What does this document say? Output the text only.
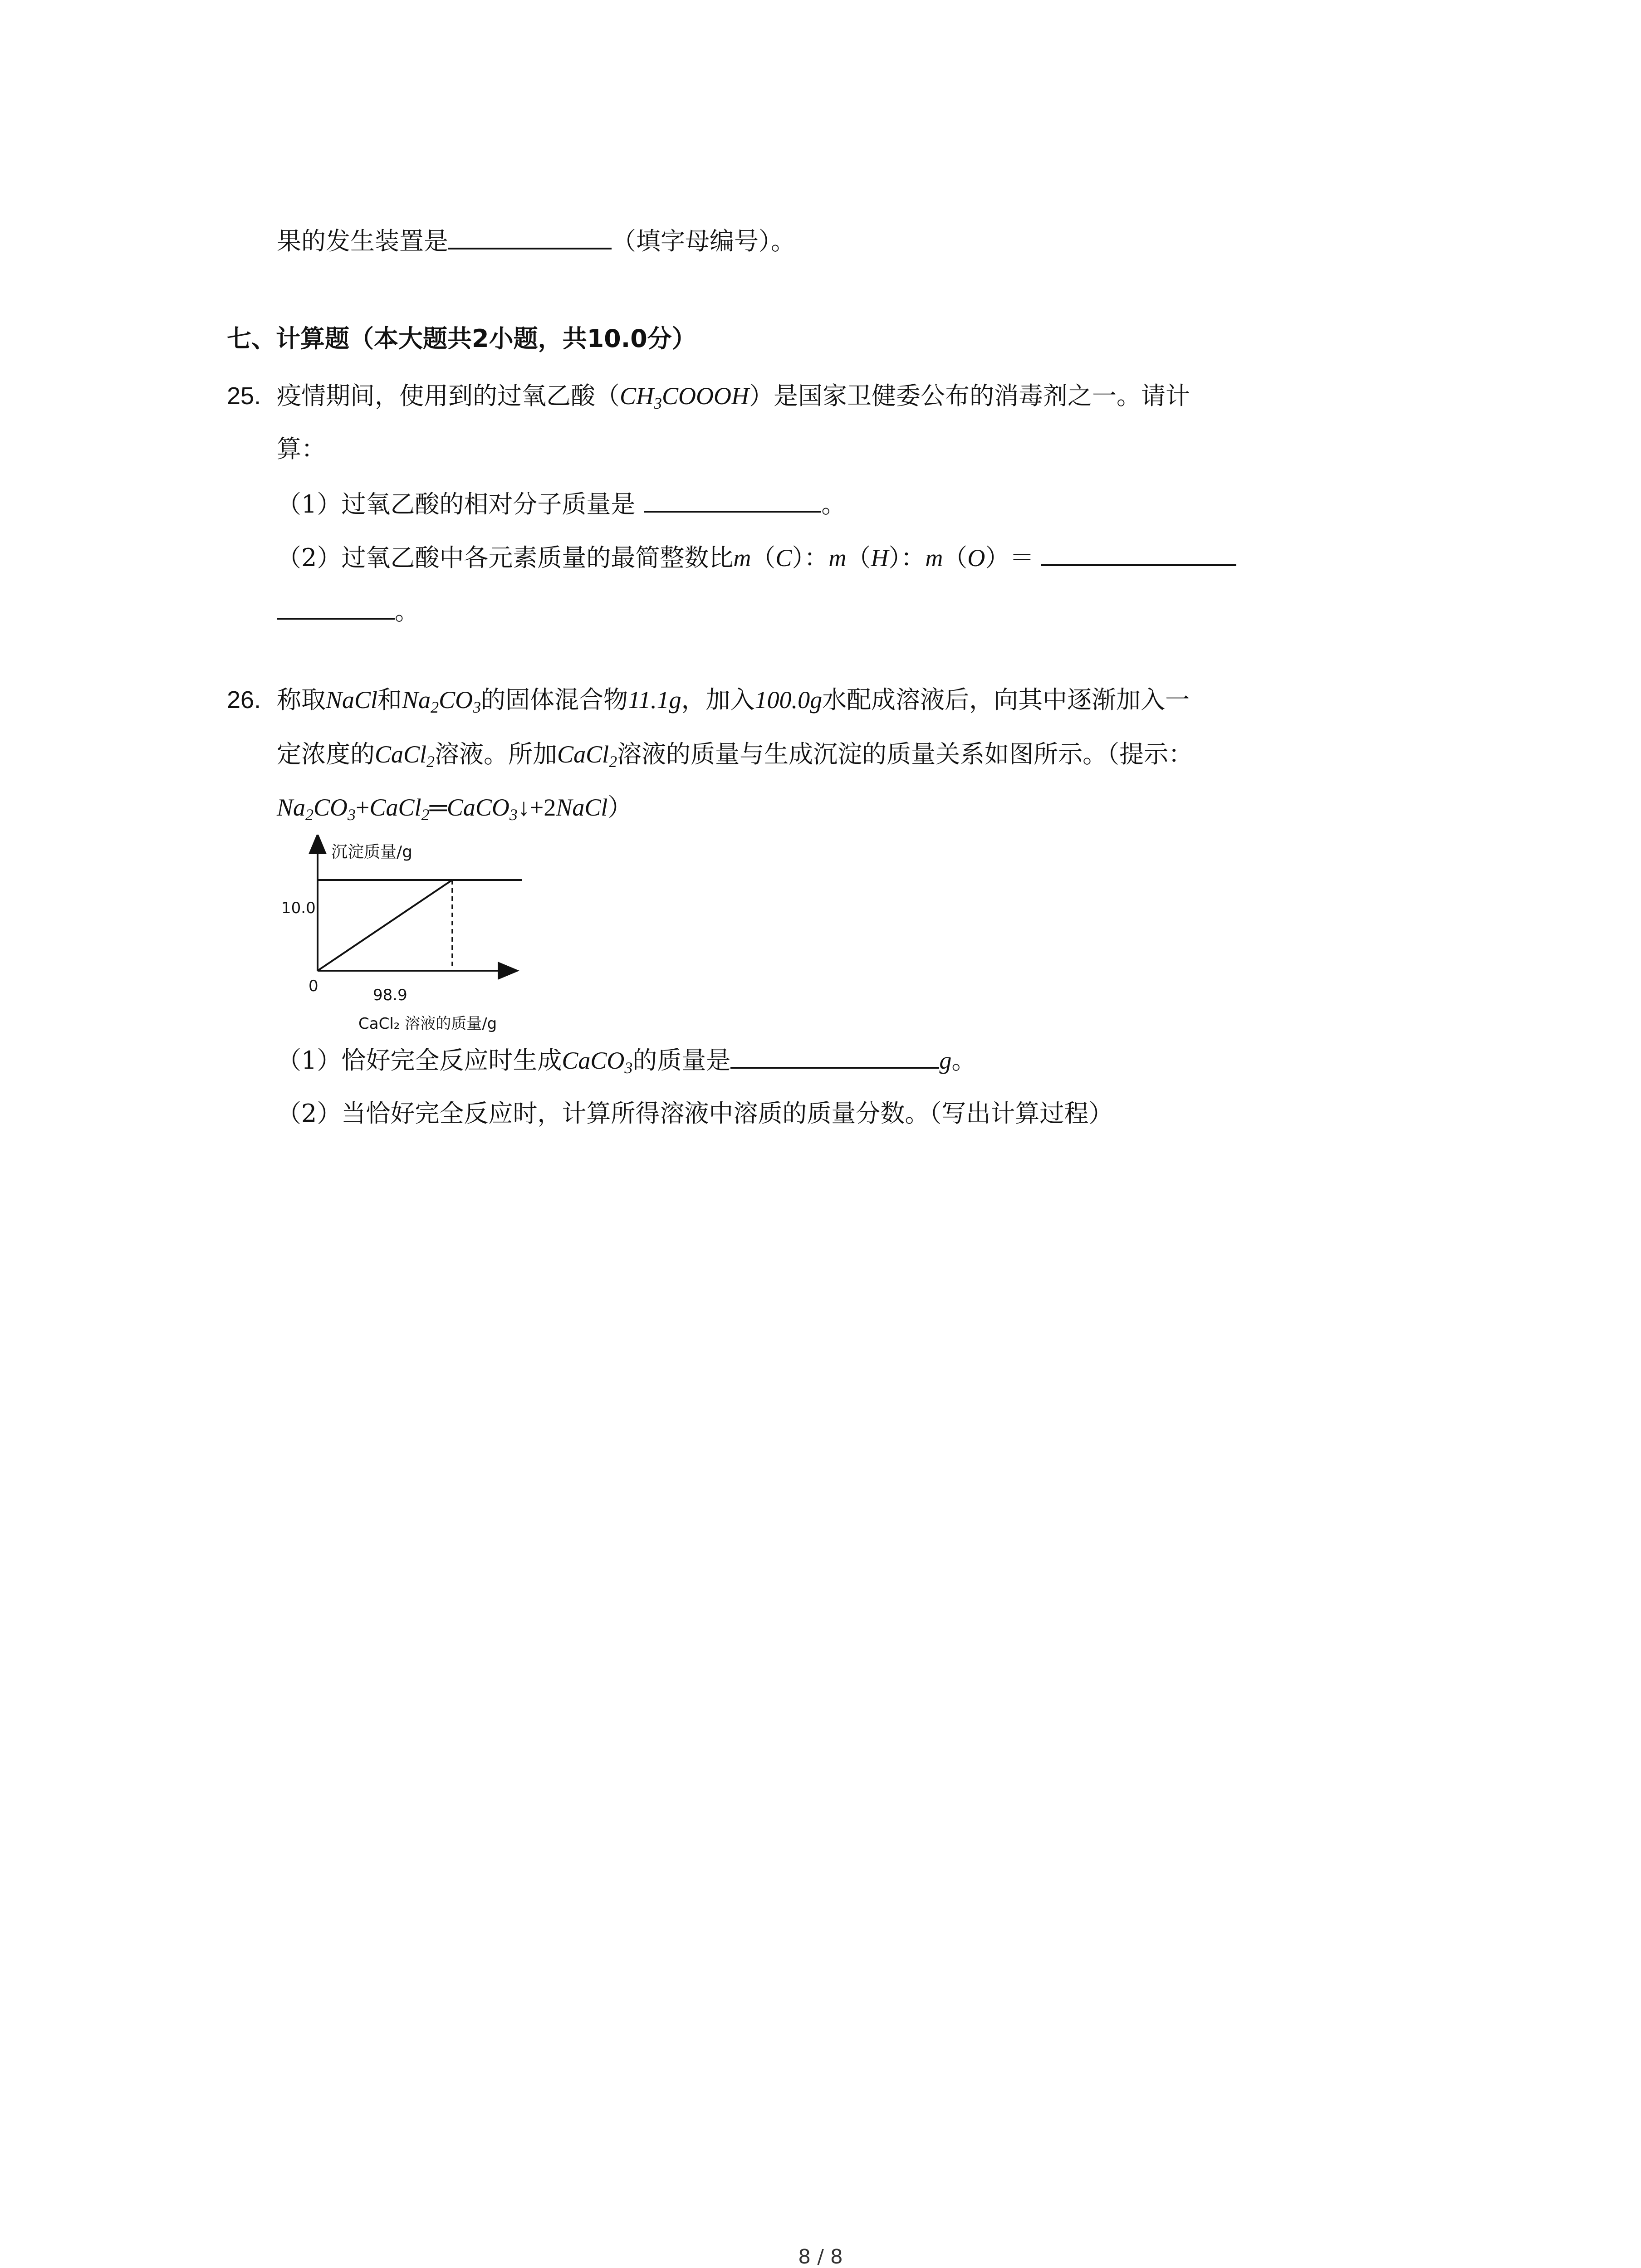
果的发生装置是	（填字母编号）。
七、计算题（本大题共2小题，共10.0分）
25. 疫情期间，使用到的过氧乙酸$(CH_3COOOH)$是国家卫健委公布的消毒剂之一。请计
算：
（1）过氧乙酸的相对分子质量是	。
（2）过氧乙酸中各元素质量的最简整数比m（C）：m（H）：m（O）＝
。
26. 称取NaCl和$Na_2CO_3$的固体混合物11.1g，加入100.0g水配成溶液后，向其中逐渐加入一
定浓度的CaCl$_2$溶液。所加CaCl$_2$溶液的质量与生成沉淀的质量关系如图所示。（提示：
$Na_2CO_3+CaCl_2═CaCO_3↓+2NaCl$）
沉淀质量/g
10.0
0	98.9
CaCl₂ 溶液的质量/g
（1）恰好完全反应时生成CaCO$_3$的质量是	g。
（2）当恰好完全反应时，计算所得溶液中溶质的质量分数。（写出计算过程）
8 / 8
